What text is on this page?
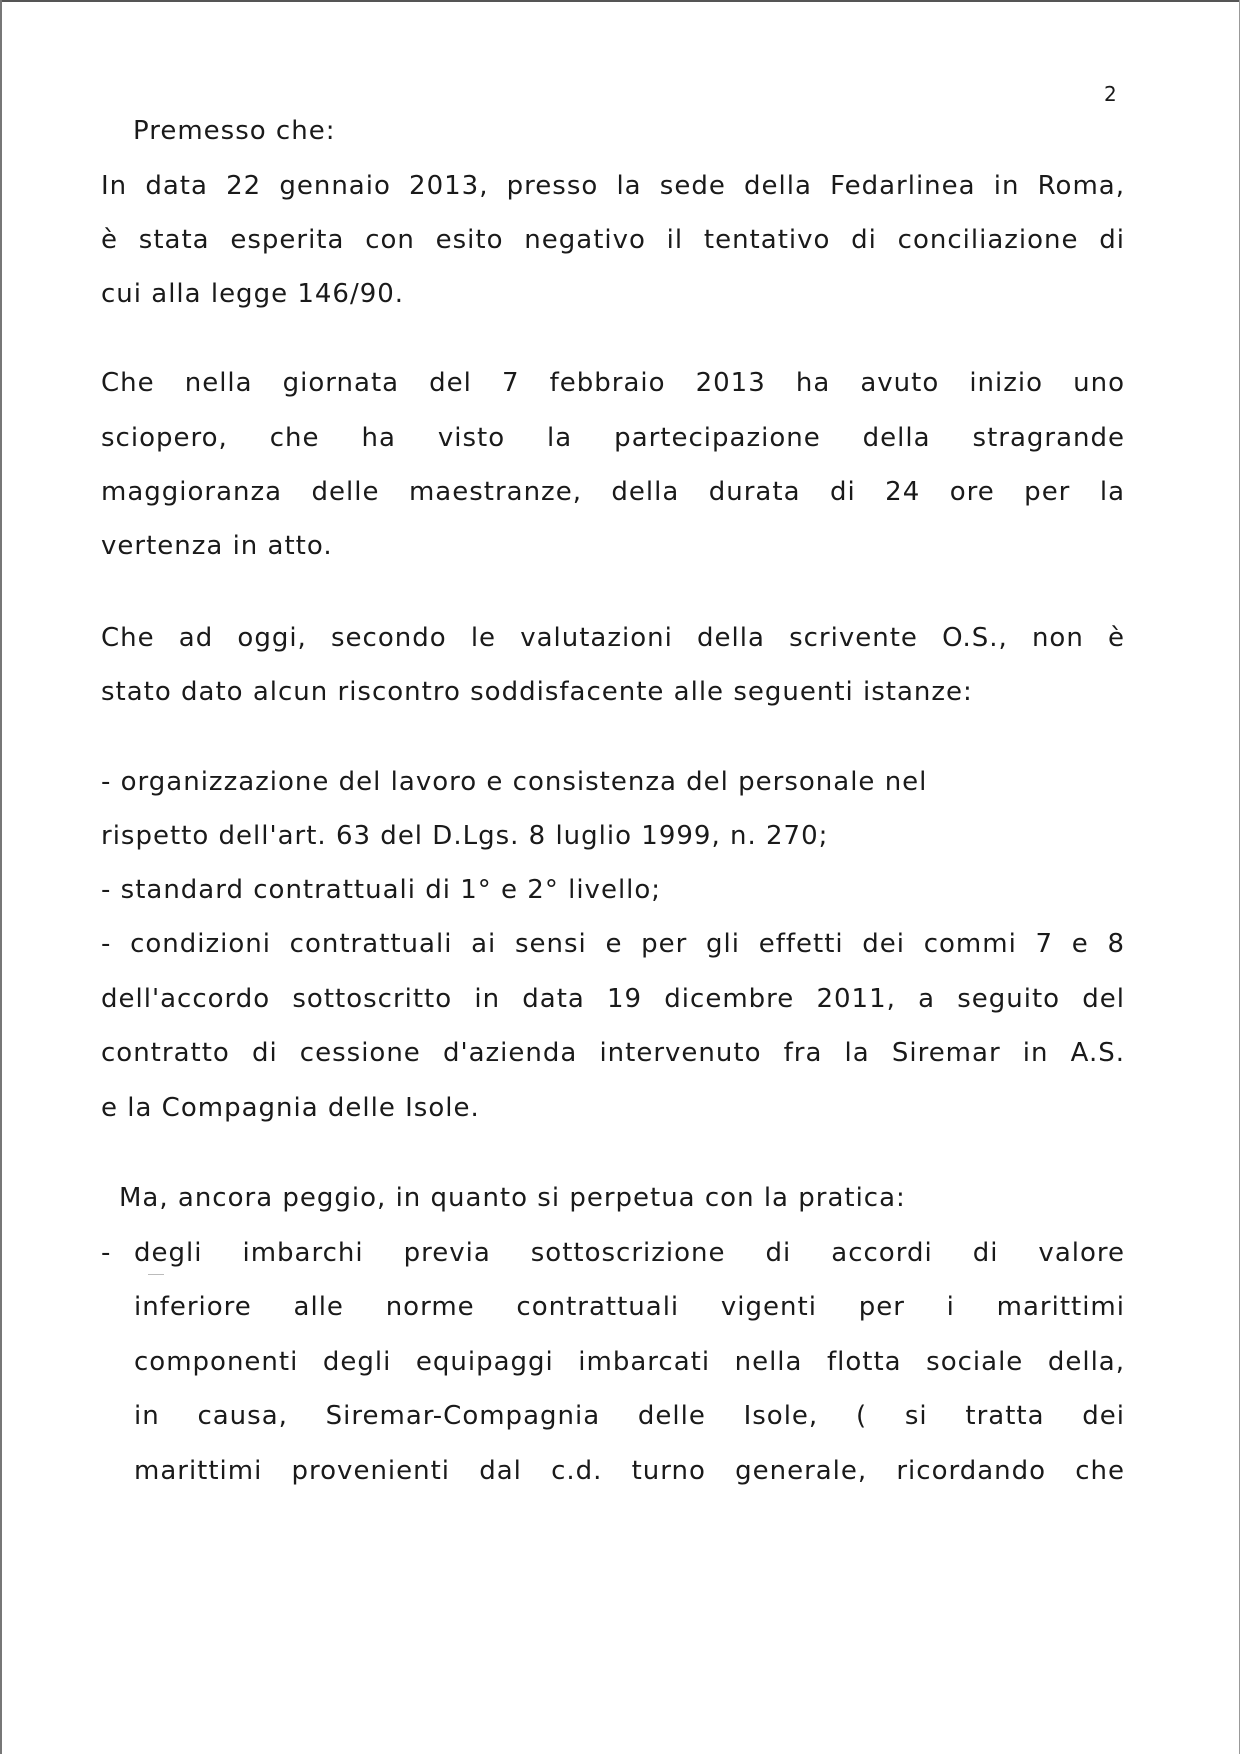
2
Premesso che:
In data 22 gennaio 2013, presso la sede della Fedarlinea in Roma,
è stata esperita con esito negativo il tentativo di conciliazione di
cui alla legge 146/90.
Che nella giornata del 7 febbraio 2013 ha avuto inizio uno
sciopero, che ha visto la partecipazione della stragrande
maggioranza delle maestranze, della durata di 24 ore per la
vertenza in atto.
Che ad oggi, secondo le valutazioni della scrivente O.S., non è
stato dato alcun riscontro soddisfacente alle seguenti istanze:
- organizzazione del lavoro e consistenza del personale nel
rispetto dell'art. 63 del D.Lgs. 8 luglio 1999, n. 270;
- standard contrattuali di 1° e 2° livello;
- condizioni contrattuali ai sensi e per gli effetti dei commi 7 e 8
dell'accordo sottoscritto in data 19 dicembre 2011, a seguito del
contratto di cessione d'azienda intervenuto fra la Siremar in A.S.
e la Compagnia delle Isole.
Ma, ancora peggio, in quanto si perpetua con la pratica:
- degli imbarchi previa sottoscrizione di accordi di valore
inferiore alle norme contrattuali vigenti per i marittimi
componenti degli equipaggi imbarcati nella flotta sociale della,
in causa, Siremar-Compagnia delle Isole, ( si tratta dei
marittimi provenienti dal c.d. turno generale, ricordando che
